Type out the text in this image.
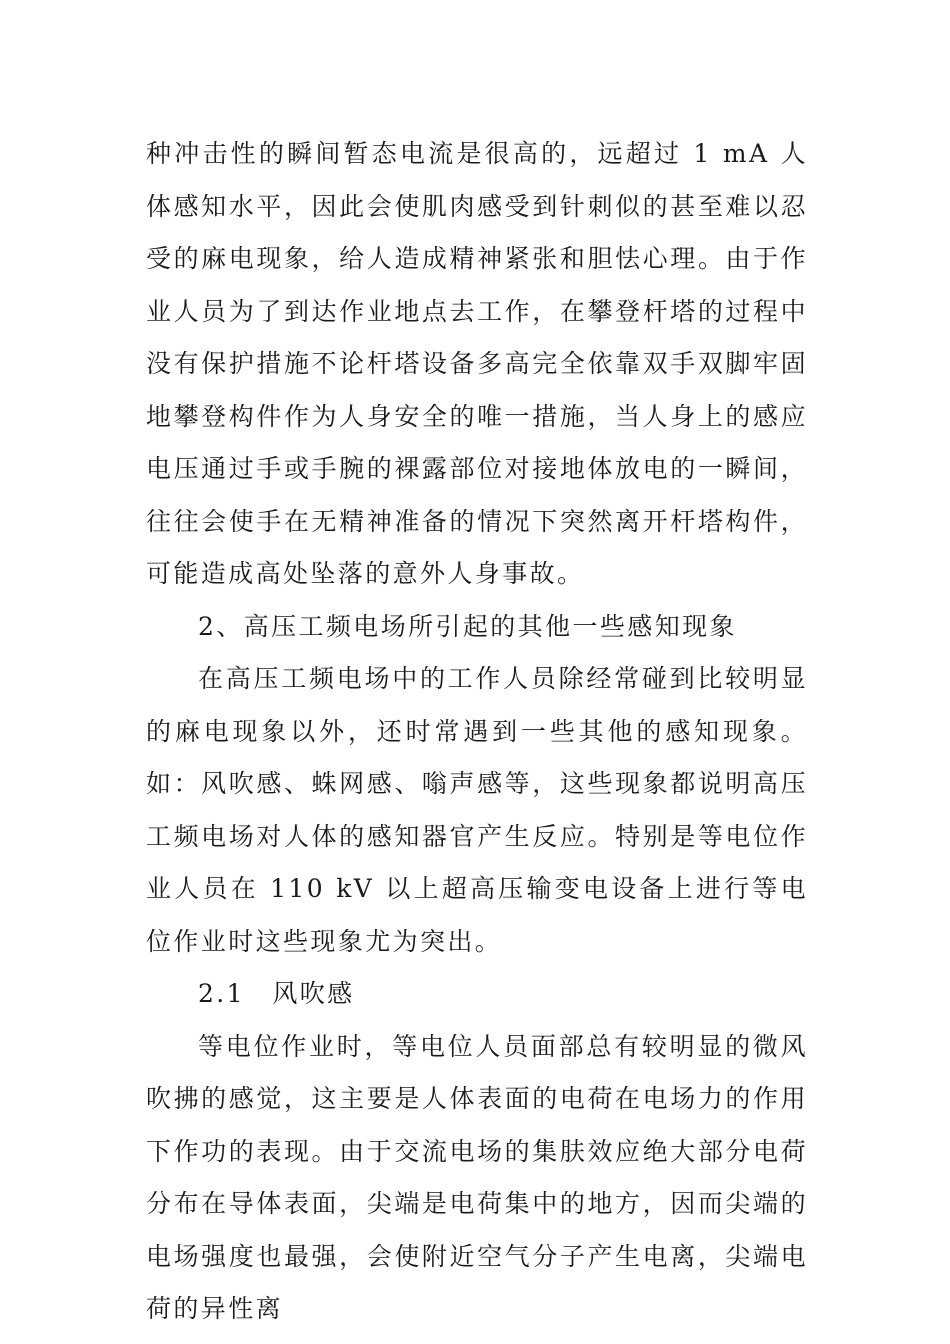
种冲击性的瞬间暂态电流是很高的，远超过 1 mA 人体感知水平，因此会使肌肉感受到针刺似的甚至难以忍受的麻电现象，给人造成精神紧张和胆怯心理。由于作业人员为了到达作业地点去工作，在攀登杆塔的过程中没有保护措施不论杆塔设备多高完全依靠双手双脚牢固地攀登构件作为人身安全的唯一措施，当人身上的感应电压通过手或手腕的裸露部位对接地体放电的一瞬间，往往会使手在无精神准备的情况下突然离开杆塔构件，可能造成高处坠落的意外人身事故。

2、高压工频电场所引起的其他一些感知现象

在高压工频电场中的工作人员除经常碰到比较明显的麻电现象以外，还时常遇到一些其他的感知现象。如：风吹感、蛛网感、嗡声感等，这些现象都说明高压工频电场对人体的感知器官产生反应。特别是等电位作业人员在 110 kV 以上超高压输变电设备上进行等电位作业时这些现象尤为突出。

2.1　风吹感

等电位作业时，等电位人员面部总有较明显的微风吹拂的感觉，这主要是人体表面的电荷在电场力的作用下作功的表现。由于交流电场的集肤效应绝大部分电荷分布在导体表面，尖端是电荷集中的地方，因而尖端的电场强度也最强，会使附近空气分子产生电离，尖端电荷的异性离
